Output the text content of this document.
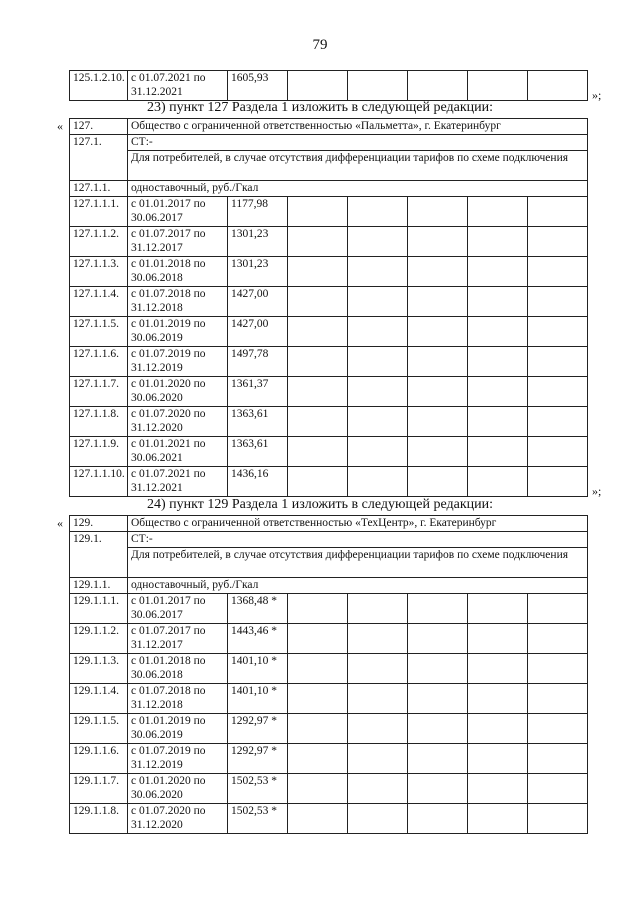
79
125.1.2.10.	с 01.07.2021 по 31.12.2021	1605,93					
»;
23) пункт 127 Раздела 1 изложить в следующей редакции:
« 127.	Общество с ограниченной ответственностью «Пальметта», г. Екатеринбург						
127.1.	СТ:-						
	Для потребителей, в случае отсутствия дифференциации тарифов по схеме подключения						
127.1.1.	одноставочный, руб./Гкал						
127.1.1.1.	с 01.01.2017 по 30.06.2017	1177,98					
127.1.1.2.	с 01.07.2017 по 31.12.2017	1301,23					
127.1.1.3.	с 01.01.2018 по 30.06.2018	1301,23					
127.1.1.4.	с 01.07.2018 по 31.12.2018	1427,00					
127.1.1.5.	с 01.01.2019 по 30.06.2019	1427,00					
127.1.1.6.	с 01.07.2019 по 31.12.2019	1497,78					
127.1.1.7.	с 01.01.2020 по 30.06.2020	1361,37					
127.1.1.8.	с 01.07.2020 по 31.12.2020	1363,61					
127.1.1.9.	с 01.01.2021 по 30.06.2021	1363,61					
127.1.1.10.	с 01.07.2021 по 31.12.2021	1436,16					
»;
24) пункт 129 Раздела 1 изложить в следующей редакции:
« 129.	Общество с ограниченной ответственностью «ТехЦентр», г. Екатеринбург						
129.1.	СТ:-						
	Для потребителей, в случае отсутствия дифференциации тарифов по схеме подключения						
129.1.1.	одноставочный, руб./Гкал						
129.1.1.1.	с 01.01.2017 по 30.06.2017	1368,48 *					
129.1.1.2.	с 01.07.2017 по 31.12.2017	1443,46 *					
129.1.1.3.	с 01.01.2018 по 30.06.2018	1401,10 *					
129.1.1.4.	с 01.07.2018 по 31.12.2018	1401,10 *					
129.1.1.5.	с 01.01.2019 по 30.06.2019	1292,97 *					
129.1.1.6.	с 01.07.2019 по 31.12.2019	1292,97 *					
129.1.1.7.	с 01.01.2020 по 30.06.2020	1502,53 *					
129.1.1.8.	с 01.07.2020 по 31.12.2020	1502,53 *					
